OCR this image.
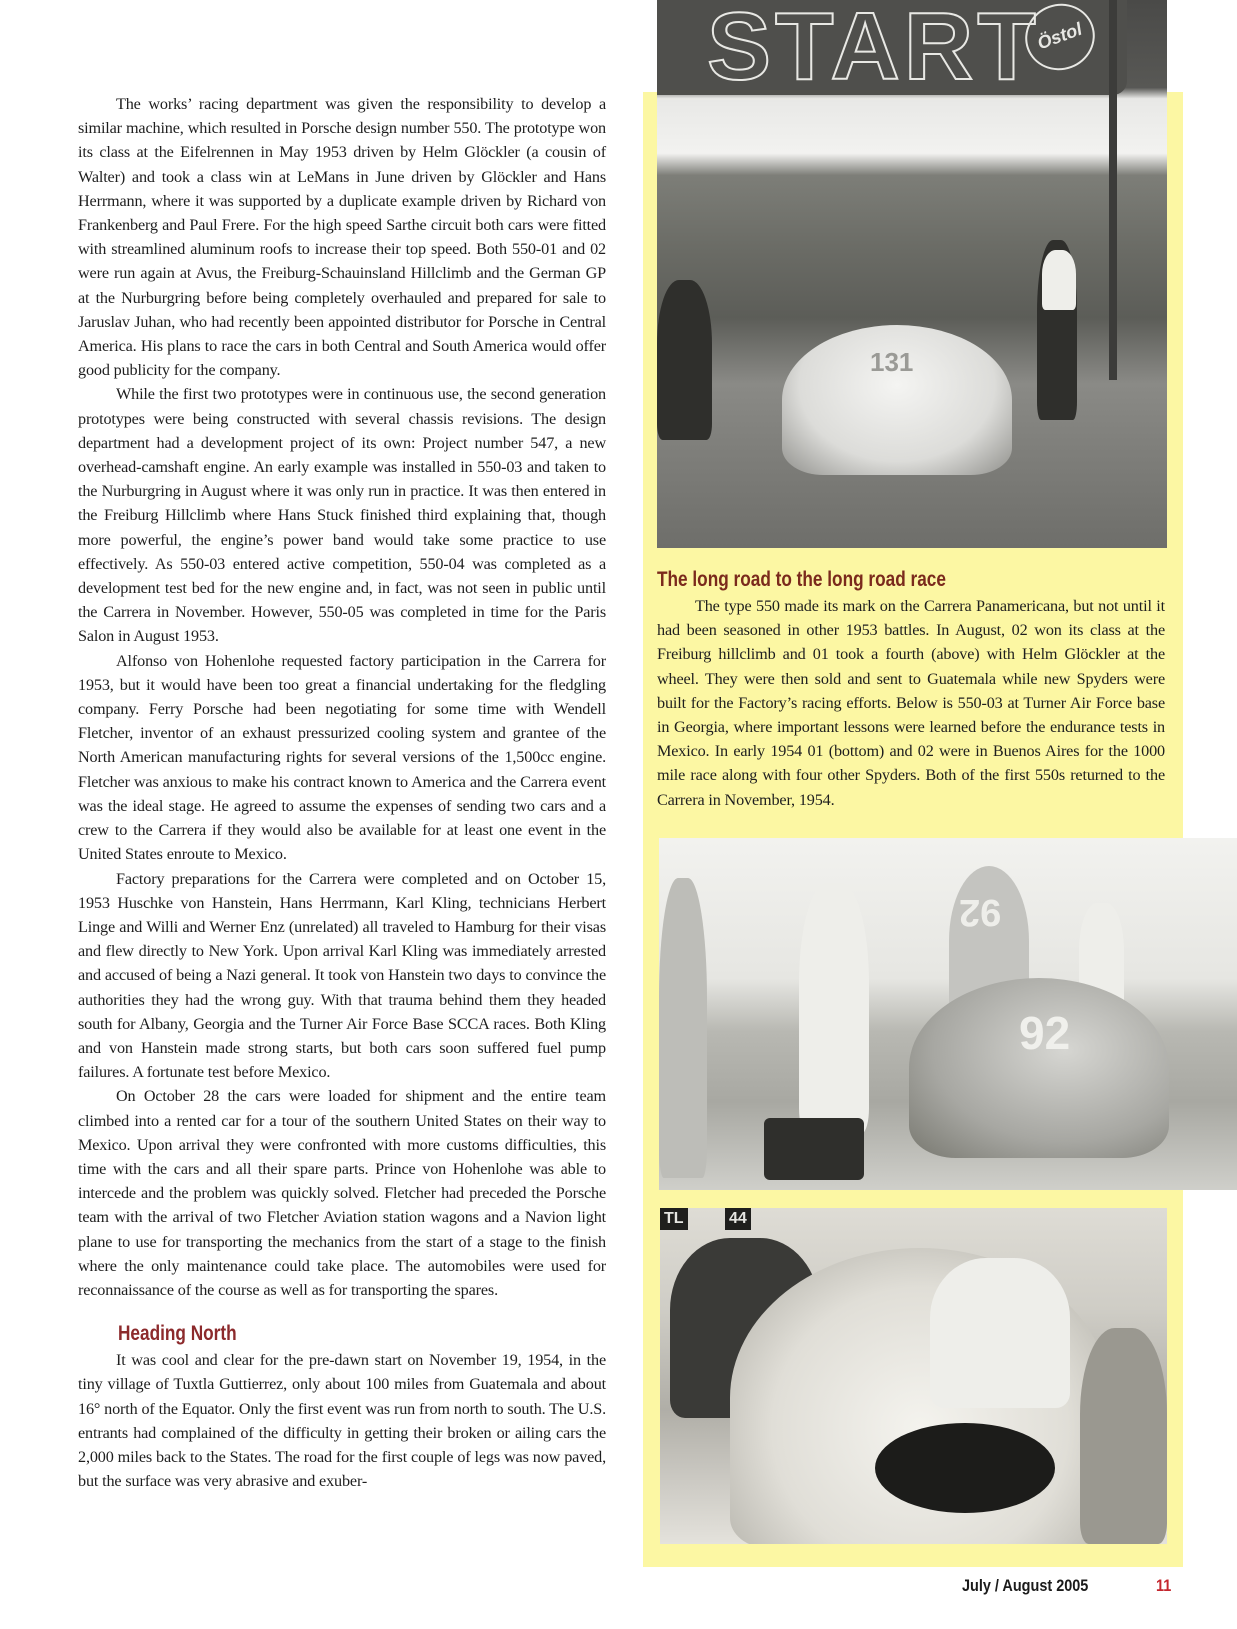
The works’ racing department was given the responsibility to develop a similar machine, which resulted in Porsche design number 550. The prototype won its class at the Eifelrennen in May 1953 driven by Helm Glöckler (a cousin of Walter) and took a class win at LeMans in June driven by Glöckler and Hans Herrmann, where it was supported by a duplicate example driven by Richard von Frankenberg and Paul Frere. For the high speed Sarthe circuit both cars were fitted with streamlined aluminum roofs to increase their top speed. Both 550-01 and 02 were run again at Avus, the Freiburg-Schauinsland Hillclimb and the German GP at the Nurburgring before being completely overhauled and prepared for sale to Jaruslav Juhan, who had recently been appointed distributor for Porsche in Central America. His plans to race the cars in both Central and South America would offer good publicity for the company.

While the first two prototypes were in continuous use, the second generation prototypes were being constructed with several chassis revisions. The design department had a development project of its own: Project number 547, a new overhead-camshaft engine. An early example was installed in 550-03 and taken to the Nurburgring in August where it was only run in practice. It was then entered in the Freiburg Hillclimb where Hans Stuck finished third explaining that, though more powerful, the engine’s power band would take some practice to use effectively. As 550-03 entered active competition, 550-04 was completed as a development test bed for the new engine and, in fact, was not seen in public until the Carrera in November. However, 550-05 was completed in time for the Paris Salon in August 1953.

Alfonso von Hohenlohe requested factory participation in the Carrera for 1953, but it would have been too great a financial undertaking for the fledgling company. Ferry Porsche had been negotiating for some time with Wendell Fletcher, inventor of an exhaust pressurized cooling system and grantee of the North American manufacturing rights for several versions of the 1,500cc engine. Fletcher was anxious to make his contract known to America and the Carrera event was the ideal stage. He agreed to assume the expenses of sending two cars and a crew to the Carrera if they would also be available for at least one event in the United States enroute to Mexico.

Factory preparations for the Carrera were completed and on October 15, 1953 Huschke von Hanstein, Hans Herrmann, Karl Kling, technicians Herbert Linge and Willi and Werner Enz (unrelated) all traveled to Hamburg for their visas and flew directly to New York. Upon arrival Karl Kling was immediately arrested and accused of being a Nazi general. It took von Hanstein two days to convince the authorities they had the wrong guy. With that trauma behind them they headed south for Albany, Georgia and the Turner Air Force Base SCCA races. Both Kling and von Hanstein made strong starts, but both cars soon suffered fuel pump failures. A fortunate test before Mexico.

On October 28 the cars were loaded for shipment and the entire team climbed into a rented car for a tour of the southern United States on their way to Mexico. Upon arrival they were confronted with more customs difficulties, this time with the cars and all their spare parts. Prince von Hohenlohe was able to intercede and the problem was quickly solved. Fletcher had preceded the Porsche team with the arrival of two Fletcher Aviation station wagons and a Navion light plane to use for transporting the mechanics from the start of a stage to the finish where the only maintenance could take place. The automobiles were used for reconnaissance of the course as well as for transporting the spares.

Heading North

It was cool and clear for the pre-dawn start on November 19, 1954, in the tiny village of Tuxtla Guttierrez, only about 100 miles from Guatemala and about 16° north of the Equator. Only the first event was run from north to south. The U.S. entrants had complained of the difficulty in getting their broken or ailing cars the 2,000 miles back to the States. The road for the first couple of legs was now paved, but the surface was very abrasive and exuber-

START
Östol
131
92
92
TL	44
The long road to the long road race

The type 550 made its mark on the Carrera Panamericana, but not until it had been seasoned in other 1953 battles. In August, 02 won its class at the Freiburg hillclimb and 01 took a fourth (above) with Helm Glöckler at the wheel. They were then sold and sent to Guatemala while new Spyders were built for the Factory’s racing efforts. Below is 550-03 at Turner Air Force base in Georgia, where important lessons were learned before the endurance tests in Mexico. In early 1954 01 (bottom) and 02 were in Buenos Aires for the 1000 mile race along with four other Spyders. Both of the first 550s returned to the Carrera in November, 1954.

July / August 2005	11
